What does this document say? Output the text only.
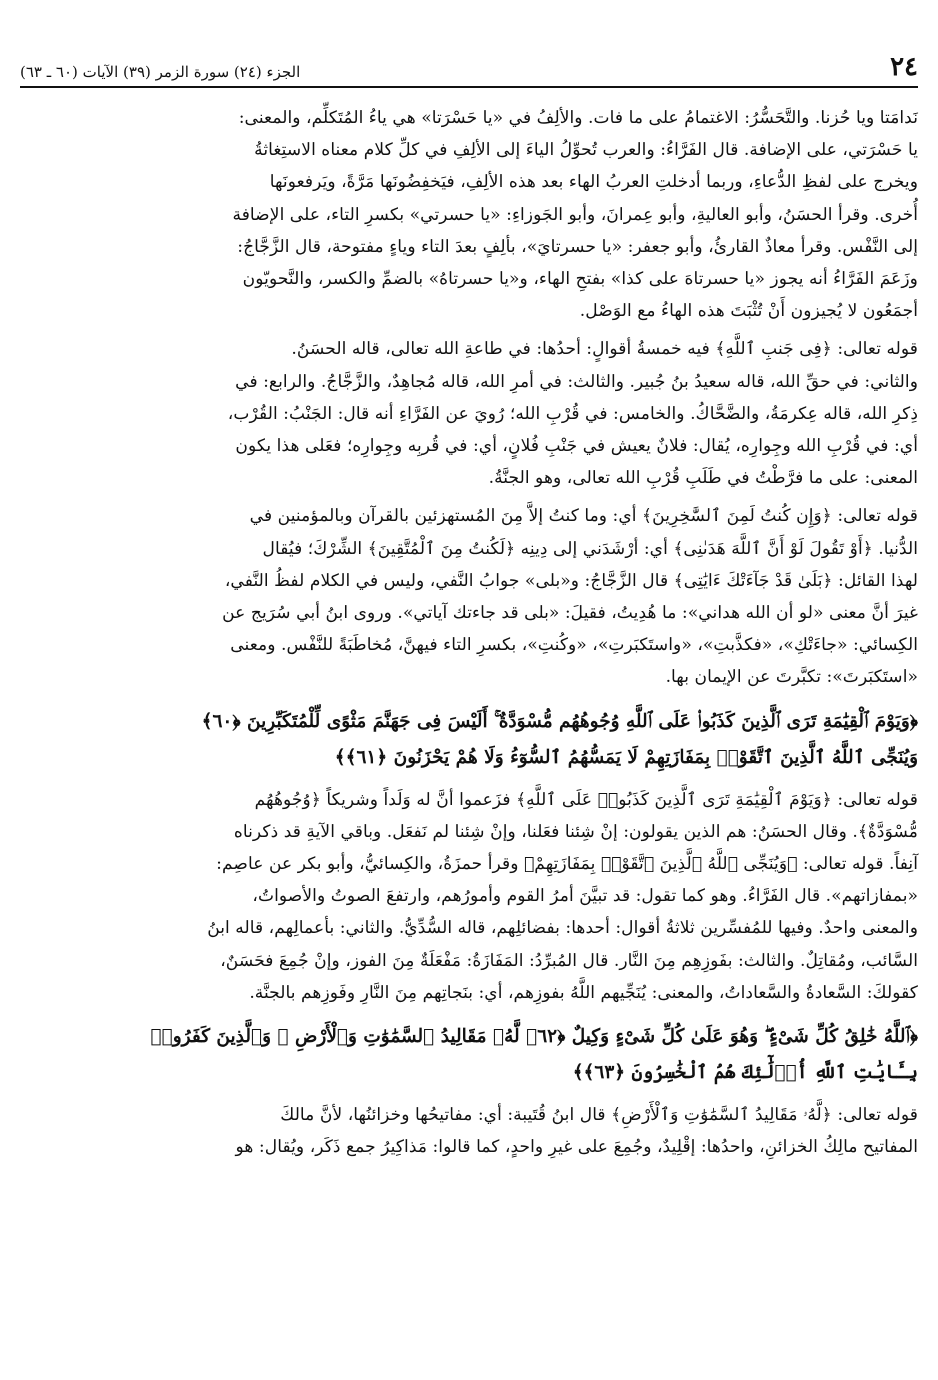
٢٤
الجزء (٢٤) سورة الزمر (٣٩) الآيات (٦٠ ـ ٦٣)

نَدامَتا ويا حُزنا. والتَّحَسُّرُ: الاغتمامُ على ما فات. والألِفُ في «يا حَسْرَتا» هي ياءُ المُتَكلِّم، والمعنى:
يا حَسْرَتي، على الإضافة. قال الفَرَّاءُ: والعرب تُحوِّلُ الياءَ إلى الألِفِ في كلِّ كلام معناه الاستِغاثةُ
ويخرج على لفظِ الدُّعاءِ، وربما أدخلتِ العربُ الهاء بعد هذه الألِفِ، فيَخفِضُونَها مَرَّةً، ويَرفعونَها
أُخرى. وقرأ الحسَنُ، وأبو العاليةِ، وأبو عِمرانَ، وأبو الجَوزاءِ: «يا حسرتي» بكسرِ التاء، على الإضافة
إلى النَّفْس. وقرأ معاذٌ القارئُ، وأبو جعفر: «يا حسرتايَ»، بألِفٍ بعدَ التاء وياءٍ مفتوحة، قال الزَّجَّاجُ:
وزَعَمَ الفَرَّاءُ أنه يجوز «يا حسرتاهَ على كذا» بفتحِ الهاء، و«يا حسرتاهُ» بالضمِّ والكسر، والنَّحويّون
أجمَعُون لا يُجيزون أَنْ تُثْبَتَ هذه الهاءُ مع الوَصْل.

قوله تعالى: ﴿فِى جَنبِ ٱللَّهِ﴾ فيه خمسةُ أقوالٍ: أحدُها: في طاعةِ الله تعالى، قاله الحسَنُ.
والثاني: في حقِّ الله، قاله سعيدُ بنُ جُبير. والثالث: في أمرِ الله، قاله مُجاهِدٌ، والزَّجَّاجُ. والرابع: في
ذِكرِ الله، قاله عِكرمَةُ، والضَّحَّاكُ. والخامس: في قُرْبِ الله؛ رُويَ عن الفَرَّاءِ أنه قال: الجَنْبُ: القُرْب،
أي: في قُرْبِ الله وجِوارِه، يُقال: فلانٌ يعيش في جَنْبِ فُلانٍ، أي: في قُربِه وجِوارِه؛ فعَلى هذا يكون
المعنى: على ما فرَّطْتُ في طَلَبِ قُرْبِ الله تعالى، وهو الجنَّةُ.

قوله تعالى: ﴿وَإِن كُنتُ لَمِنَ ٱلسَّٰخِرِينَ﴾ أي: وما كنتُ إلاَّ مِنَ المُستهزئين بالقرآن وبالمؤمنين في
الدُّنيا. ﴿أَوْ تَقُولَ لَوْ أَنَّ ٱللَّهَ هَدَىٰنِى﴾ أي: أرْشَدَني إلى دِينِه ﴿لَكُنتُ مِنَ ٱلْمُتَّقِينَ﴾ الشِّرْكَ؛ فيُقال
لهذا القائل: ﴿بَلَىٰ قَدْ جَآءَتْكَ ءَايَٰتِى﴾ قال الزَّجَّاجُ: و«بلى» جوابُ النَّفي، وليس في الكلام لفظُ النَّفي،
غيرَ أنَّ معنى «لو أن الله هداني»: ما هُدِيتُ، فقيلَ: «بلى قد جاءتك آياتي». وروى ابنُ أبي سُرَيج عن
الكِسائي: «جاءَتْكِ»، «فكذَّبتِ»، «واستَكبَرتِ»، «وكُنتِ»، بكسرِ التاء فيهنَّ، مُخاطَبَةً للنَّفْس. ومعنى
«استَكبَرتَ»: تكبَّرتَ عن الإيمان بها.

﴿وَيَوْمَ ٱلْقِيَٰمَةِ تَرَى ٱلَّذِينَ كَذَبُوا۟ عَلَى ٱللَّهِ وُجُوهُهُم مُّسْوَدَّةٌ ۚ أَلَيْسَ فِى جَهَنَّمَ مَثْوًى لِّلْمُتَكَبِّرِينَ ﴿٦٠﴾
وَيُنَجِّى ٱللَّهُ ٱلَّذِينَ ٱتَّقَوْا۟ بِمَفَازَتِهِمْ لَا يَمَسُّهُمُ ٱلسُّوٓءُ وَلَا هُمْ يَحْزَنُونَ ﴿٦١﴾﴾

قوله تعالى: ﴿وَيَوْمَ ٱلْقِيَٰمَةِ تَرَى ٱلَّذِينَ كَذَبُوا۟ عَلَى ٱللَّهِ﴾ فزَعموا أنَّ له وَلَداً وشريكاً ﴿وُجُوهُهُم
مُّسْوَدَّةٌ﴾. وقال الحسَنُ: هم الذين يقولون: إنْ شِئنا فعَلنا، وإنْ شِئنا لم نَفعَل. وباقي الآيةِ قد ذكرناه
آنِفاً. قوله تعالى: ﴿وَيُنَجِّى ٱللَّهُ ٱلَّذِينَ ٱتَّقَوْا۟ بِمَفَازَتِهِمْ﴾ وقرأ حمزَةُ، والكِسائيُّ، وأبو بكر عن عاصِم:
«بمفازاتهم». قال الفَرَّاءُ. وهو كما تقول: قد تبيَّنَ أمرُ القوم وأمورُهم، وارتفعَ الصوتُ والأصواتُ،
والمعنى واحدٌ. وفيها للمُفسِّرين ثلاثةُ أقوال: أحدها: بفضائلِهم، قاله السُّدِّيُّ. والثاني: بأعمالِهم، قاله ابنُ
السَّائب، ومُقاتِلٌ. والثالث: بفَوزِهِم مِنَ النَّار. قال المُبرِّدُ: المَفَازَةُ: مَفْعَلَةٌ مِنَ الفوز، وإنْ جُمِعَ فحَسَنٌ،
كقولكَ: السَّعادةُ والسَّعاداتُ، والمعنى: يُنَجِّيهم اللَّهُ بفوزِهم، أي: بنَجاتِهم مِنَ النَّارِ وفَوزِهم بالجنَّة.

﴿ٱللَّهُ خَٰلِقُ كُلِّ شَىْءٍ ۖ وَهُوَ عَلَىٰ كُلِّ شَىْءٍ وَكِيلٌ ﴿٦٢﴾ لَّهُۥ مَقَالِيدُ ٱلسَّمَٰوَٰتِ وَٱلْأَرْضِ ۗ وَٱلَّذِينَ كَفَرُوا۟
بِـَٔايَٰتِ ٱللَّهِ أُو۟لَٰٓئِكَ هُمُ ٱلْخَٰسِرُونَ ﴿٦٣﴾﴾

قوله تعالى: ﴿لَّهُۥ مَقَالِيدُ ٱلسَّمَٰوَٰتِ وَٱلْأَرْضِ﴾ قال ابنُ قُتَيبة: أي: مفاتيحُها وخزائنُها، لأنَّ مالكَ
المفاتيح مالِكُ الخزائنِ، واحدُها: إقْلِيدٌ، وجُمِعَ على غيرِ واحدٍ، كما قالوا: مَذاكِيرُ جمع ذَكَر، ويُقال: هو
